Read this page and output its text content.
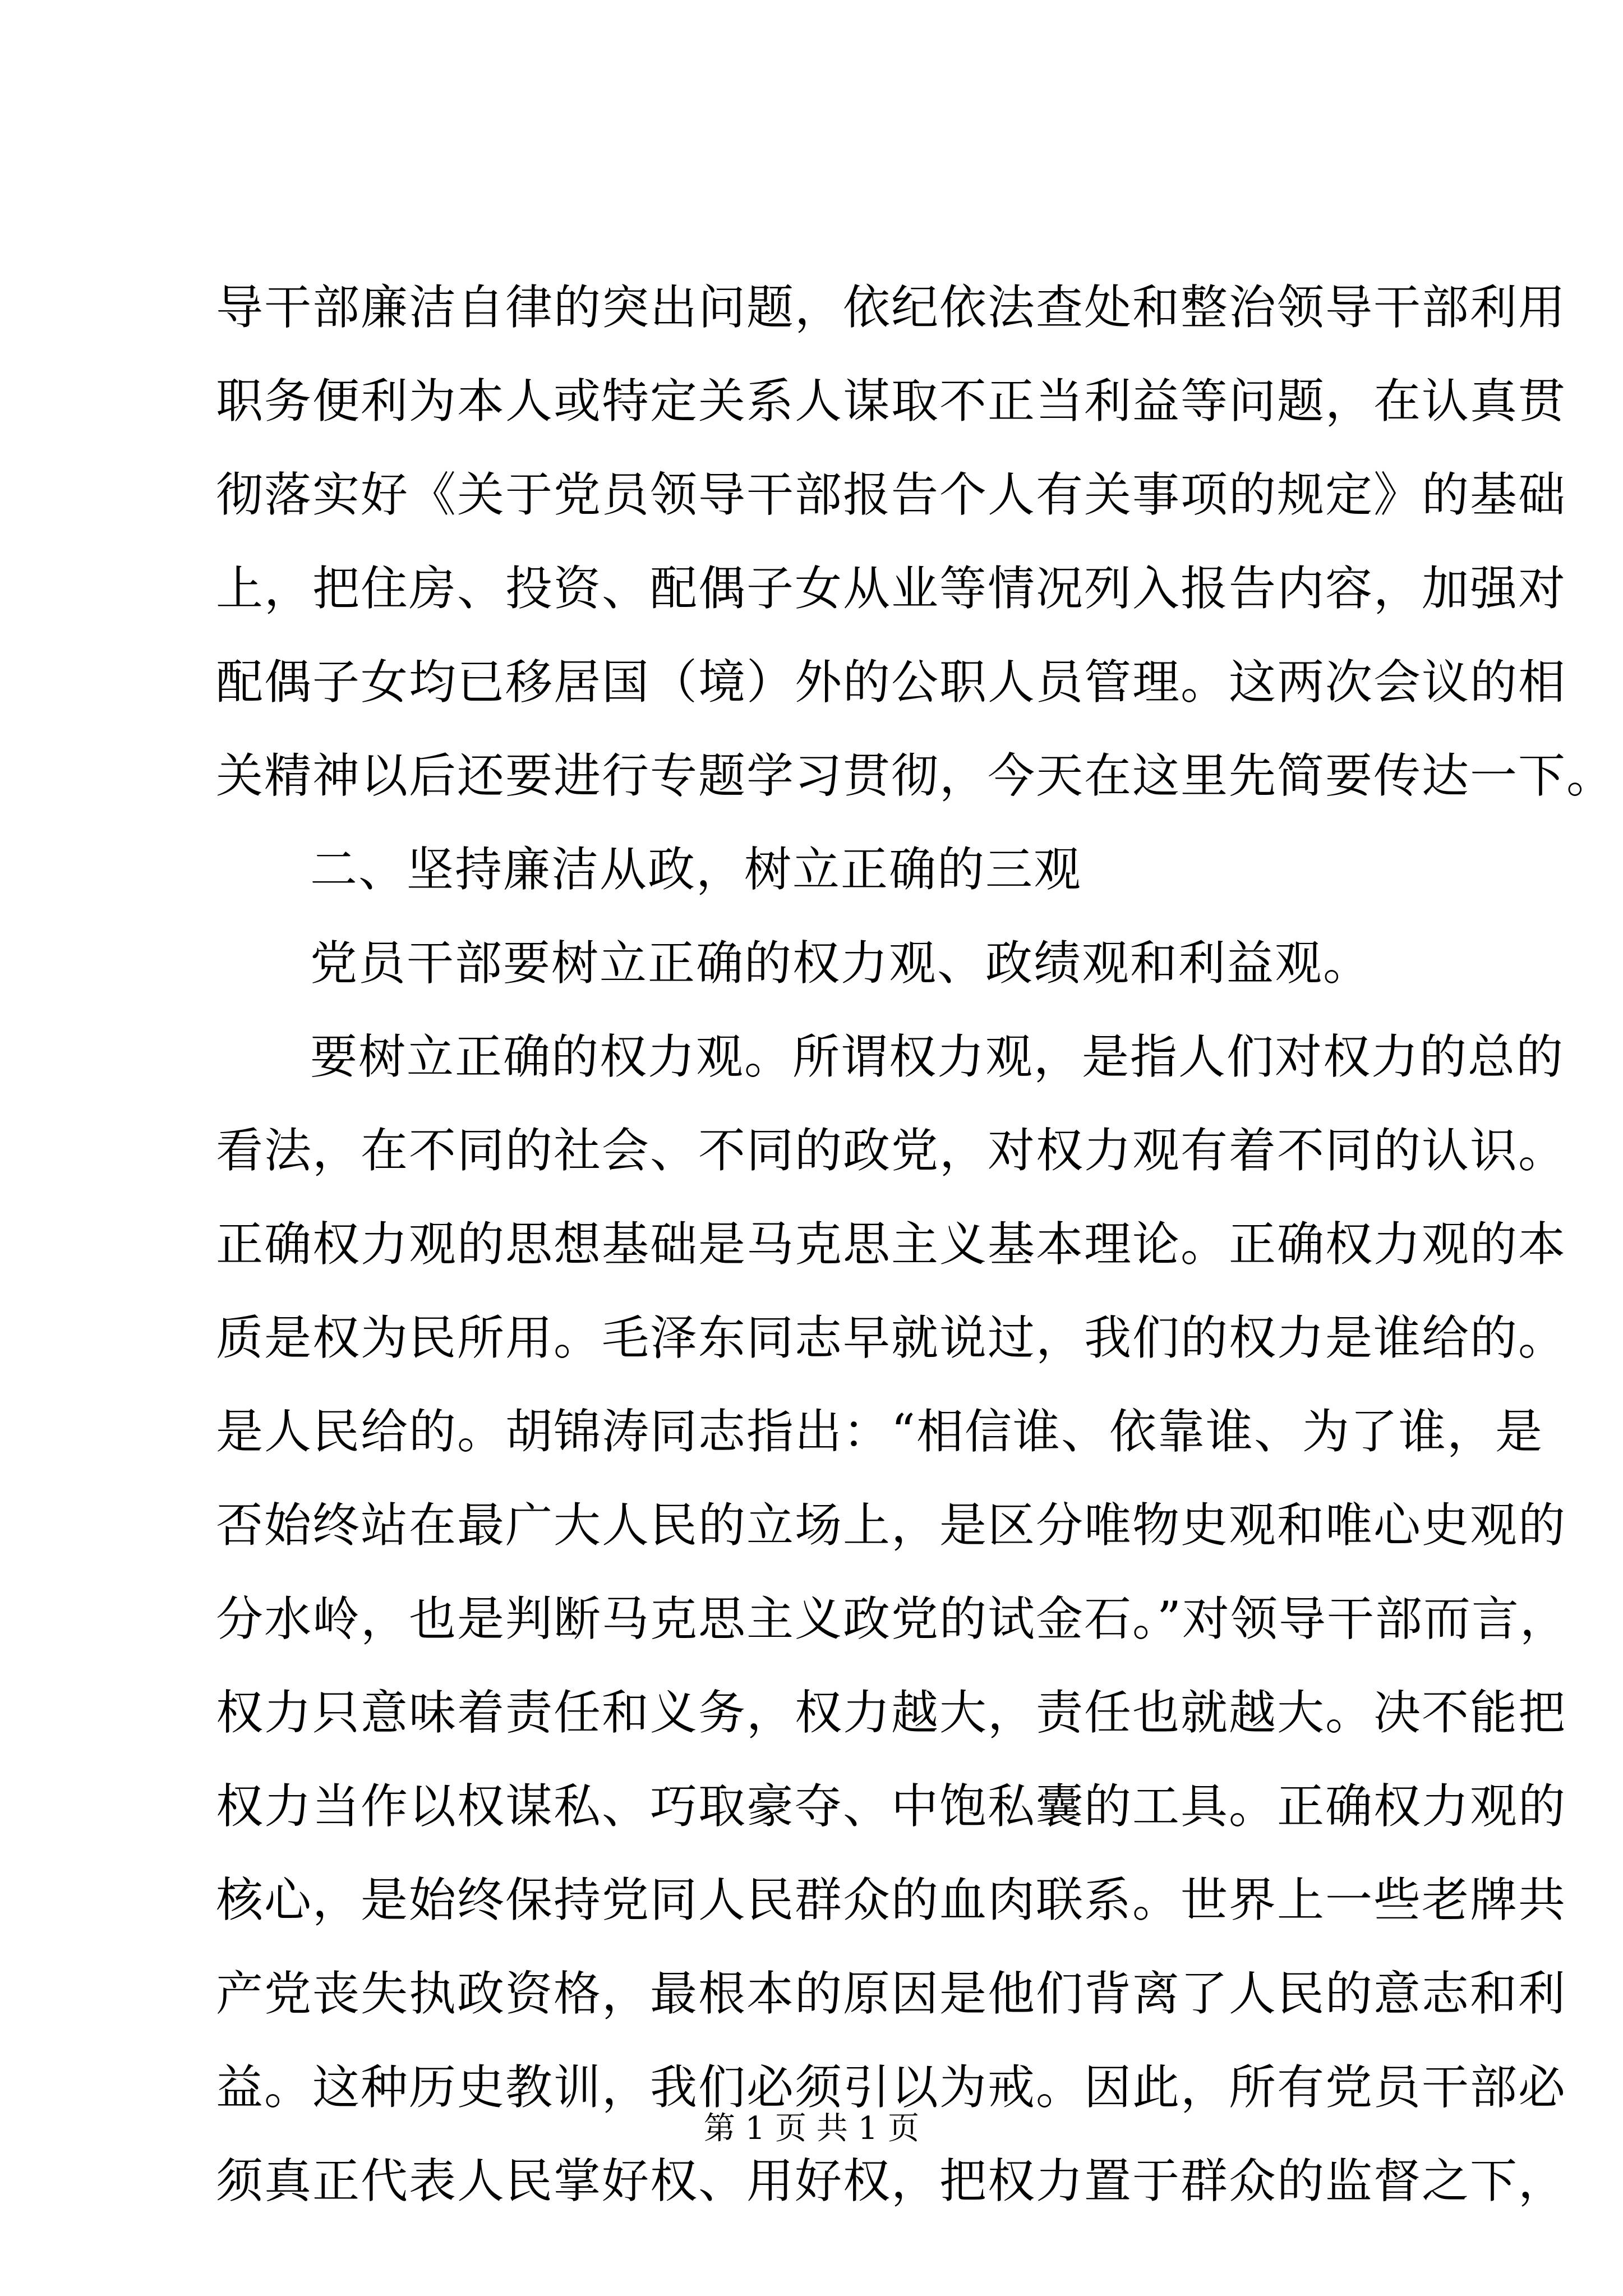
导干部廉洁自律的突出问题，依纪依法查处和整治领导干部利用
职务便利为本人或特定关系人谋取不正当利益等问题，在认真贯
彻落实好《关于党员领导干部报告个人有关事项的规定》的基础
上，把住房、投资、配偶子女从业等情况列入报告内容，加强对
配偶子女均已移居国（境）外的公职人员管理。这两次会议的相
关精神以后还要进行专题学习贯彻，今天在这里先简要传达一下。
二、坚持廉洁从政，树立正确的三观
党员干部要树立正确的权力观、政绩观和利益观。
要树立正确的权力观。所谓权力观，是指人们对权力的总的
看法，在不同的社会、不同的政党，对权力观有着不同的认识。
正确权力观的思想基础是马克思主义基本理论。正确权力观的本
质是权为民所用。毛泽东同志早就说过，我们的权力是谁给的。
是人民给的。胡锦涛同志指出：“相信谁、依靠谁、为了谁，是
否始终站在最广大人民的立场上，是区分唯物史观和唯心史观的
分水岭，也是判断马克思主义政党的试金石。”对领导干部而言，
权力只意味着责任和义务，权力越大，责任也就越大。决不能把
权力当作以权谋私、巧取豪夺、中饱私囊的工具。正确权力观的
核心，是始终保持党同人民群众的血肉联系。世界上一些老牌共
产党丧失执政资格，最根本的原因是他们背离了人民的意志和利
益。这种历史教训，我们必须引以为戒。因此，所有党员干部必
须真正代表人民掌好权、用好权，把权力置于群众的监督之下，
第 1 页 共 1 页
